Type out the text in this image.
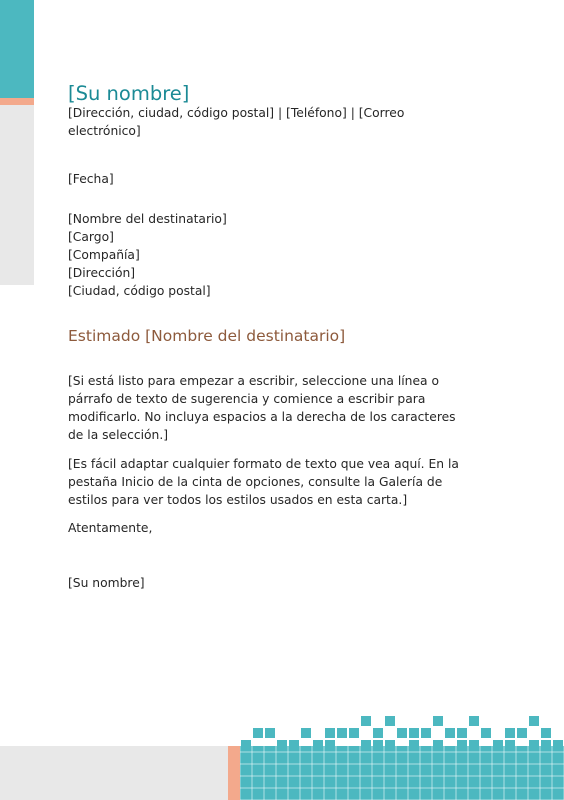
[Su nombre]
[Dirección, ciudad, código postal] | [Teléfono] | [Correo
electrónico]
[Fecha]
[Nombre del destinatario]
[Cargo]
[Compañía]
[Dirección]
[Ciudad, código postal]
Estimado [Nombre del destinatario]
[Si está listo para empezar a escribir, seleccione una línea o
párrafo de texto de sugerencia y comience a escribir para
modificarlo. No incluya espacios a la derecha de los caracteres
de la selección.]
[Es fácil adaptar cualquier formato de texto que vea aquí. En la
pestaña Inicio de la cinta de opciones, consulte la Galería de
estilos para ver todos los estilos usados en esta carta.]
Atentamente,
[Su nombre]
